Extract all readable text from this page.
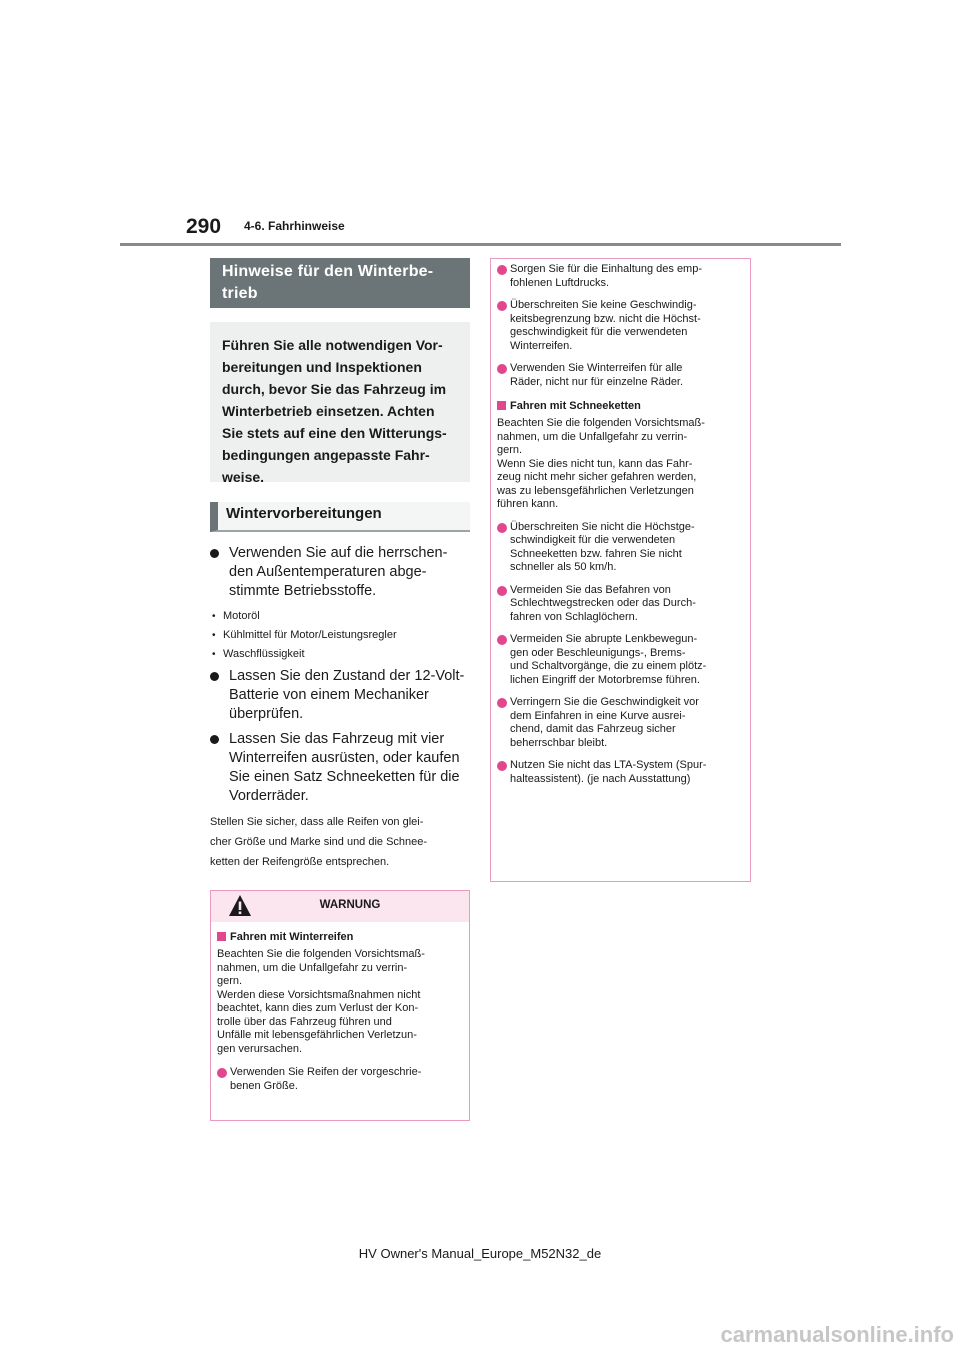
290 4-6. Fahrhinweise
Hinweise für den Winterbe-
trieb

Führen Sie alle notwendigen Vor-

bereitungen und Inspektionen

durch, bevor Sie das Fahrzeug im

Winterbetrieb einsetzen. Achten

Sie stets auf eine den Witterungs-

bedingungen angepasste Fahr-

weise.

Wintervorbereitungen
Verwenden Sie auf die herrschen-
den Außentemperaturen abge-
stimmte Betriebsstoffe.
• Motoröl
• Kühlmittel für Motor/Leistungsregler
• Waschflüssigkeit
Lassen Sie den Zustand der 12-Volt-
Batterie von einem Mechaniker
überprüfen.
Lassen Sie das Fahrzeug mit vier
Winterreifen ausrüsten, oder kaufen
Sie einen Satz Schneeketten für die
Vorderräder.
Stellen Sie sicher, dass alle Reifen von glei-
cher Größe und Marke sind und die Schnee-
ketten der Reifengröße entsprechen.
WARNUNG
Fahren mit Winterreifen
Beachten Sie die folgenden Vorsichtsmaß-
nahmen, um die Unfallgefahr zu verrin-
gern.
Werden diese Vorsichtsmaßnahmen nicht
beachtet, kann dies zum Verlust der Kon-
trolle über das Fahrzeug führen und
Unfälle mit lebensgefährlichen Verletzun-
gen verursachen.
Verwenden Sie Reifen der vorgeschrie-
benen Größe.
Sorgen Sie für die Einhaltung des emp-
fohlenen Luftdrucks.
Überschreiten Sie keine Geschwindig-
keitsbegrenzung bzw. nicht die Höchst-
geschwindigkeit für die verwendeten
Winterreifen.
Verwenden Sie Winterreifen für alle
Räder, nicht nur für einzelne Räder.
Fahren mit Schneeketten
Beachten Sie die folgenden Vorsichtsmaß-
nahmen, um die Unfallgefahr zu verrin-
gern.
Wenn Sie dies nicht tun, kann das Fahr-
zeug nicht mehr sicher gefahren werden,
was zu lebensgefährlichen Verletzungen
führen kann.
Überschreiten Sie nicht die Höchstge-
schwindigkeit für die verwendeten
Schneeketten bzw. fahren Sie nicht
schneller als 50 km/h.
Vermeiden Sie das Befahren von
Schlechtwegstrecken oder das Durch-
fahren von Schlaglöchern.
Vermeiden Sie abrupte Lenkbewegun-
gen oder Beschleunigungs-, Brems-
und Schaltvorgänge, die zu einem plötz-
lichen Eingriff der Motorbremse führen.
Verringern Sie die Geschwindigkeit vor
dem Einfahren in eine Kurve ausrei-
chend, damit das Fahrzeug sicher
beherrschbar bleibt.
Nutzen Sie nicht das LTA-System (Spur-
halteassistent). (je nach Ausstattung)
HV Owner's Manual_Europe_M52N32_de
carmanualsonline.info
